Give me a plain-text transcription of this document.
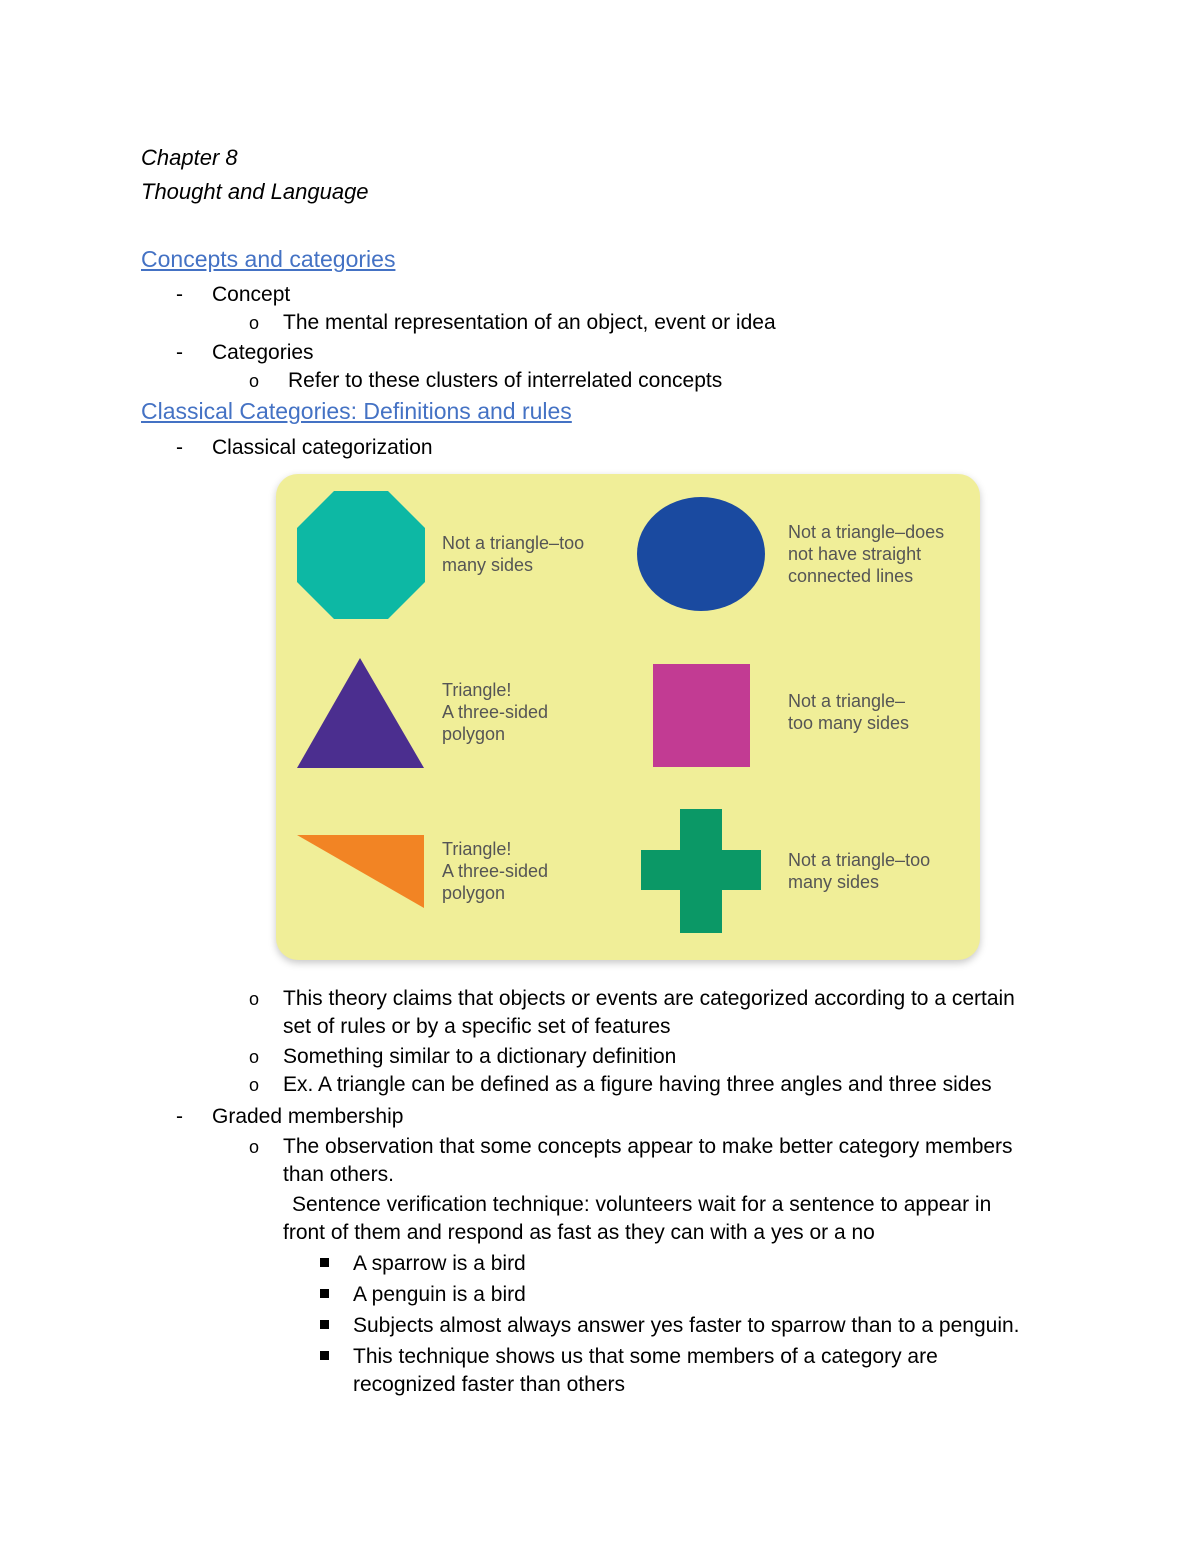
Chapter 8
Thought and Language
Concepts and categories
- Concept
o The mental representation of an object, event or idea
- Categories
o Refer to these clusters of interrelated concepts
Classical Categories: Definitions and rules
- Classical categorization
Not a triangle–too
many sides
Not a triangle–does
not have straight
connected lines
Triangle!
A three-sided
polygon
Not a triangle–
too many sides
Triangle!
A three-sided
polygon
Not a triangle–too
many sides
o This theory claims that objects or events are categorized according to a certain
set of rules or by a specific set of features
o Something similar to a dictionary definition
o Ex. A triangle can be defined as a figure having three angles and three sides
- Graded membership
o The observation that some concepts appear to make better category members
than others.
Sentence verification technique: volunteers wait for a sentence to appear in
front of them and respond as fast as they can with a yes or a no
A sparrow is a bird
A penguin is a bird
Subjects almost always answer yes faster to sparrow than to a penguin.
This technique shows us that some members of a category are
recognized faster than others
